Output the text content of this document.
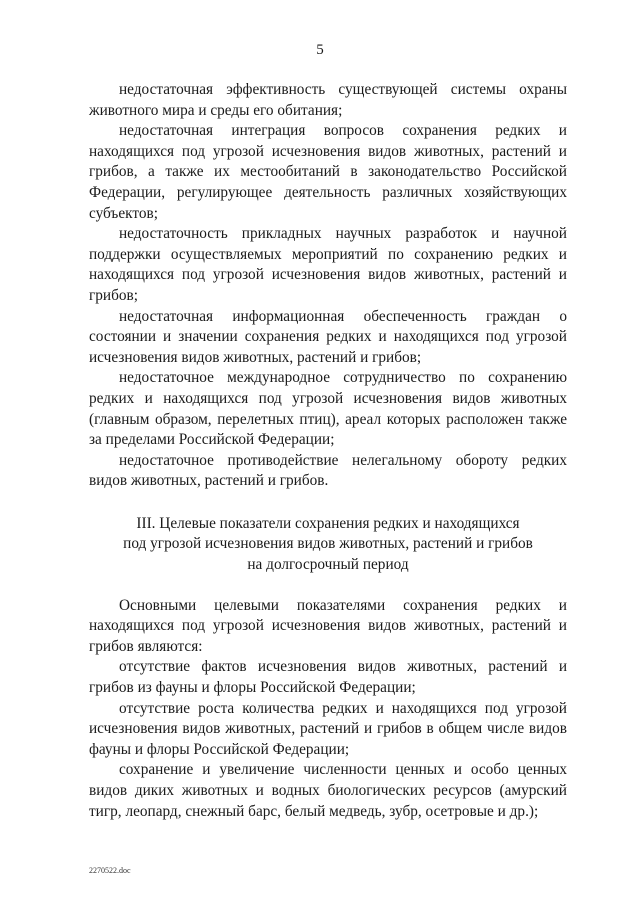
5

недостаточная эффективность существующей системы охраны животного мира и среды его обитания;

недостаточная интеграция вопросов сохранения редких и находящихся под угрозой исчезновения видов животных, растений и грибов, а также их местообитаний в законодательство Российской Федерации, регулирующее деятельность различных хозяйствующих субъектов;

недостаточность прикладных научных разработок и научной поддержки осуществляемых мероприятий по сохранению редких и находящихся под угрозой исчезновения видов животных, растений и грибов;

недостаточная информационная обеспеченность граждан о состоянии и значении сохранения редких и находящихся под угрозой исчезновения видов животных, растений и грибов;

недостаточное международное сотрудничество по сохранению редких и находящихся под угрозой исчезновения видов животных (главным образом, перелетных птиц), ареал которых расположен также за пределами Российской Федерации;

недостаточное противодействие нелегальному обороту редких видов животных, растений и грибов.

III. Целевые показатели сохранения редких и находящихся
под угрозой исчезновения видов животных, растений и грибов
на долгосрочный период

Основными целевыми показателями сохранения редких и находящихся под угрозой исчезновения видов животных, растений и грибов являются:

отсутствие фактов исчезновения видов животных, растений и грибов из фауны и флоры Российской Федерации;

отсутствие роста количества редких и находящихся под угрозой исчезновения видов животных, растений и грибов в общем числе видов фауны и флоры Российской Федерации;

сохранение и увеличение численности ценных и особо ценных видов диких животных и водных биологических ресурсов (амурский тигр, леопард, снежный барс, белый медведь, зубр, осетровые и др.);

2270522.doc
